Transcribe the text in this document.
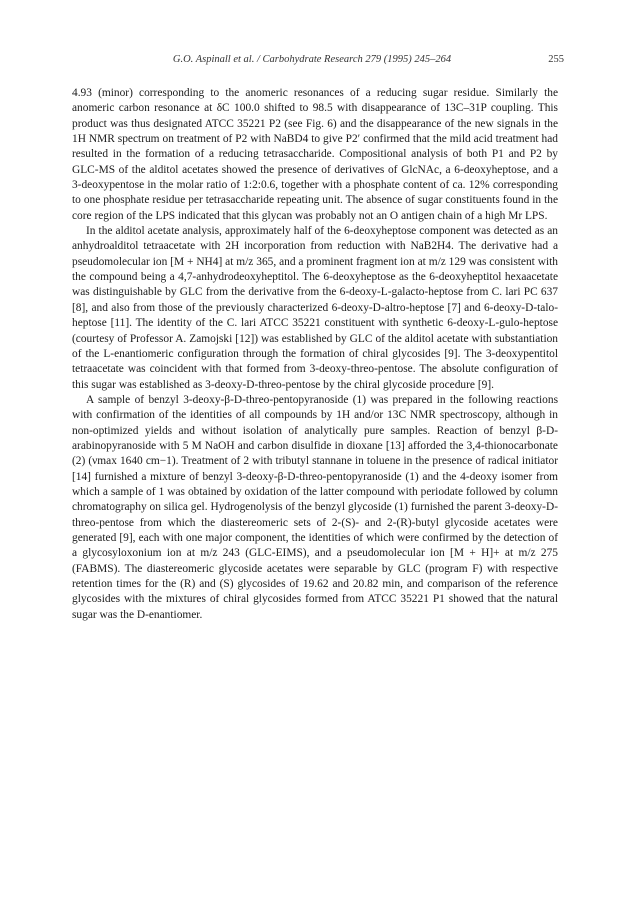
G.O. Aspinall et al. / Carbohydrate Research 279 (1995) 245–264	255

4.93 (minor) corresponding to the anomeric resonances of a reducing sugar residue. Similarly the anomeric carbon resonance at δC 100.0 shifted to 98.5 with disappearance of 13C–31P coupling. This product was thus designated ATCC 35221 P2 (see Fig. 6) and the disappearance of the new signals in the 1H NMR spectrum on treatment of P2 with NaBD4 to give P2′ confirmed that the mild acid treatment had resulted in the formation of a reducing tetrasaccharide. Compositional analysis of both P1 and P2 by GLC-MS of the alditol acetates showed the presence of derivatives of GlcNAc, a 6-deoxyheptose, and a 3-deoxypentose in the molar ratio of 1:2:0.6, together with a phosphate content of ca. 12% corresponding to one phosphate residue per tetrasaccharide repeating unit. The absence of sugar constituents found in the core region of the LPS indicated that this glycan was probably not an O antigen chain of a high Mr LPS.

In the alditol acetate analysis, approximately half of the 6-deoxyheptose component was detected as an anhydroalditol tetraacetate with 2H incorporation from reduction with NaB2H4. The derivative had a pseudomolecular ion [M + NH4] at m/z 365, and a prominent fragment ion at m/z 129 was consistent with the compound being a 4,7-anhydrodeoxyheptitol. The 6-deoxyheptose as the 6-deoxyheptitol hexaacetate was distinguishable by GLC from the derivative from the 6-deoxy-L-galacto-heptose from C. lari PC 637 [8], and also from those of the previously characterized 6-deoxy-D-altro-heptose [7] and 6-deoxy-D-talo-heptose [11]. The identity of the C. lari ATCC 35221 constituent with synthetic 6-deoxy-L-gulo-heptose (courtesy of Professor A. Zamojski [12]) was established by GLC of the alditol acetate with substantiation of the L-enantiomeric configuration through the formation of chiral glycosides [9]. The 3-deoxypentitol tetraacetate was coincident with that formed from 3-deoxy-threo-pentose. The absolute configuration of this sugar was established as 3-deoxy-D-threo-pentose by the chiral glycoside procedure [9].

A sample of benzyl 3-deoxy-β-D-threo-pentopyranoside (1) was prepared in the following reactions with confirmation of the identities of all compounds by 1H and/or 13C NMR spectroscopy, although in non-optimized yields and without isolation of analytically pure samples. Reaction of benzyl β-D-arabinopyranoside with 5 M NaOH and carbon disulfide in dioxane [13] afforded the 3,4-thionocarbonate (2) (νmax 1640 cm−1). Treatment of 2 with tributyl stannane in toluene in the presence of radical initiator [14] furnished a mixture of benzyl 3-deoxy-β-D-threo-pentopyranoside (1) and the 4-deoxy isomer from which a sample of 1 was obtained by oxidation of the latter compound with periodate followed by column chromatography on silica gel. Hydrogenolysis of the benzyl glycoside (1) furnished the parent 3-deoxy-D-threo-pentose from which the diastereomeric sets of 2-(S)- and 2-(R)-butyl glycoside acetates were generated [9], each with one major component, the identities of which were confirmed by the detection of a glycosyloxonium ion at m/z 243 (GLC-EIMS), and a pseudomolecular ion [M + H]+ at m/z 275 (FABMS). The diastereomeric glycoside acetates were separable by GLC (program F) with respective retention times for the (R) and (S) glycosides of 19.62 and 20.82 min, and comparison of the reference glycosides with the mixtures of chiral glycosides formed from ATCC 35221 P1 showed that the natural sugar was the D-enantiomer.
